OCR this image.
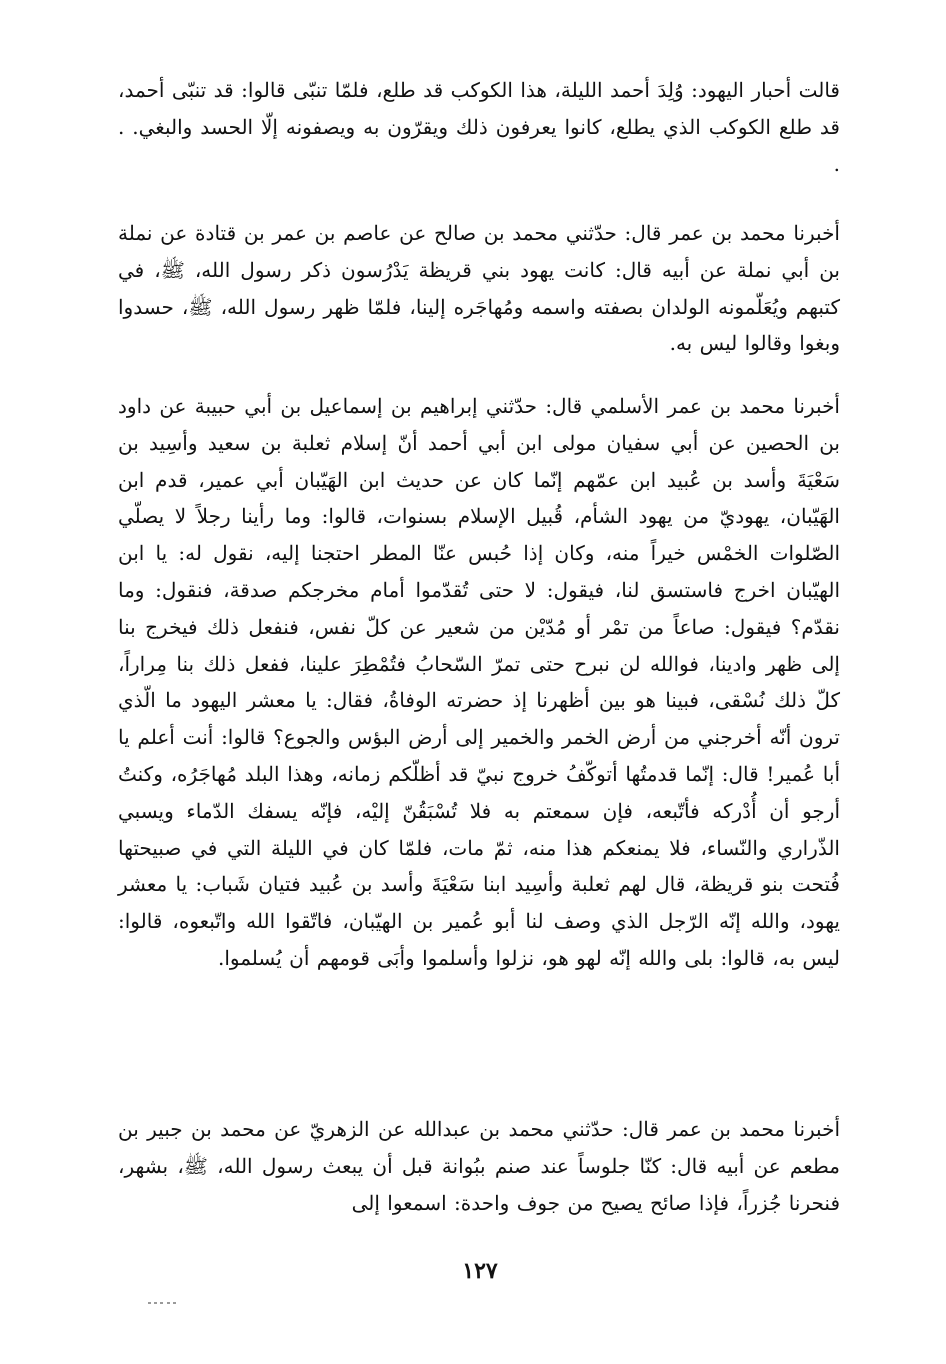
قالت أحبار اليهود: وُلِدَ أحمد الليلة، هذا الكوكب قد طلع، فلمّا تنبّى قالوا: قد تنبّى أحمد، قد طلع الكوكب الذي يطلع، كانوا يعرفون ذلك ويقرّون به ويصفونه إلّا الحسد والبغي. . .

أخبرنا محمد بن عمر قال: حدّثني محمد بن صالح عن عاصم بن عمر بن قتادة عن نملة بن أبي نملة عن أبيه قال: كانت يهود بني قريظة يَدْرُسون ذكر رسول الله، ﷺ، في كتبهم ويُعَلّمونه الولدان بصفته واسمه ومُهاجَره إلينا، فلمّا ظهر رسول الله، ﷺ، حسدوا وبغوا وقالوا ليس به.

أخبرنا محمد بن عمر الأسلمي قال: حدّثني إبراهيم بن إسماعيل بن أبي حبيبة عن داود بن الحصين عن أبي سفيان مولى ابن أبي أحمد أنّ إسلام ثعلبة بن سعيد وأسِيد بن سَعْيَةَ وأسد بن عُبيد ابن عمّهم إنّما كان عن حديث ابن الهَيّبان أبي عمير، قدم ابن الهَيّبان، يهوديّ من يهود الشأم، قُبيل الإسلام بسنوات، قالوا: وما رأينا رجلاً لا يصلّي الصّلوات الخمْس خيراً منه، وكان إذا حُبس عنّا المطر احتجنا إليه، نقول له: يا ابن الهيّبان اخرج فاستسق لنا، فيقول: لا حتى تُقدّموا أمام مخرجكم صدقة، فنقول: وما نقدّم؟ فيقول: صاعاً من تمْر أو مُدّيْن من شعير عن كلّ نفس، فنفعل ذلك فيخرج بنا إلى ظهر وادينا، فوالله لن نبرح حتى تمرّ السّحابُ فتُمْطِرَ علينا، ففعل ذلك بنا مِراراً، كلّ ذلك نُسْقى، فبينا هو بين أظهرنا إذ حضرته الوفاةُ، فقال: يا معشر اليهود ما الّذي ترون أنّه أخرجني من أرض الخمر والخمير إلى أرض البؤس والجوع؟ قالوا: أنت أعلم يا أبا عُمير! قال: إنّما قدمتُها أتوكّفُ خروج نبيّ قد أظلّكم زمانه، وهذا البلد مُهاجَرُه، وكنتُ أرجو أن أُدْركه فأتّبعه، فإن سمعتم به فلا تُسْبَقُنّ إليْه، فإنّه يسفك الدّماء ويسبي الذّراري والنّساء، فلا يمنعكم هذا منه، ثمّ مات، فلمّا كان في الليلة التي في صبيحتها فُتحت بنو قريظة، قال لهم ثعلبة وأسِيد ابنا سَعْيَةَ وأسد بن عُبيد فتيان شَباب: يا معشر يهود، والله إنّه الرّجل الذي وصف لنا أبو عُمير بن الهيّبان، فاتّقوا الله واتّبعوه، قالوا: ليس به، قالوا: بلى والله إنّه لهو هو، نزلوا وأسلموا وأبَى قومهم أن يُسلموا.

أخبرنا محمد بن عمر قال: حدّثني محمد بن عبدالله عن الزهريّ عن محمد بن جبير بن مطعم عن أبيه قال: كنّا جلوساً عند صنم ببُوانة قبل أن يبعث رسول الله، ﷺ، بشهر، فنحرنا جُزراً، فإذا صائح يصيح من جوف واحدة: اسمعوا إلى

١٢٧
